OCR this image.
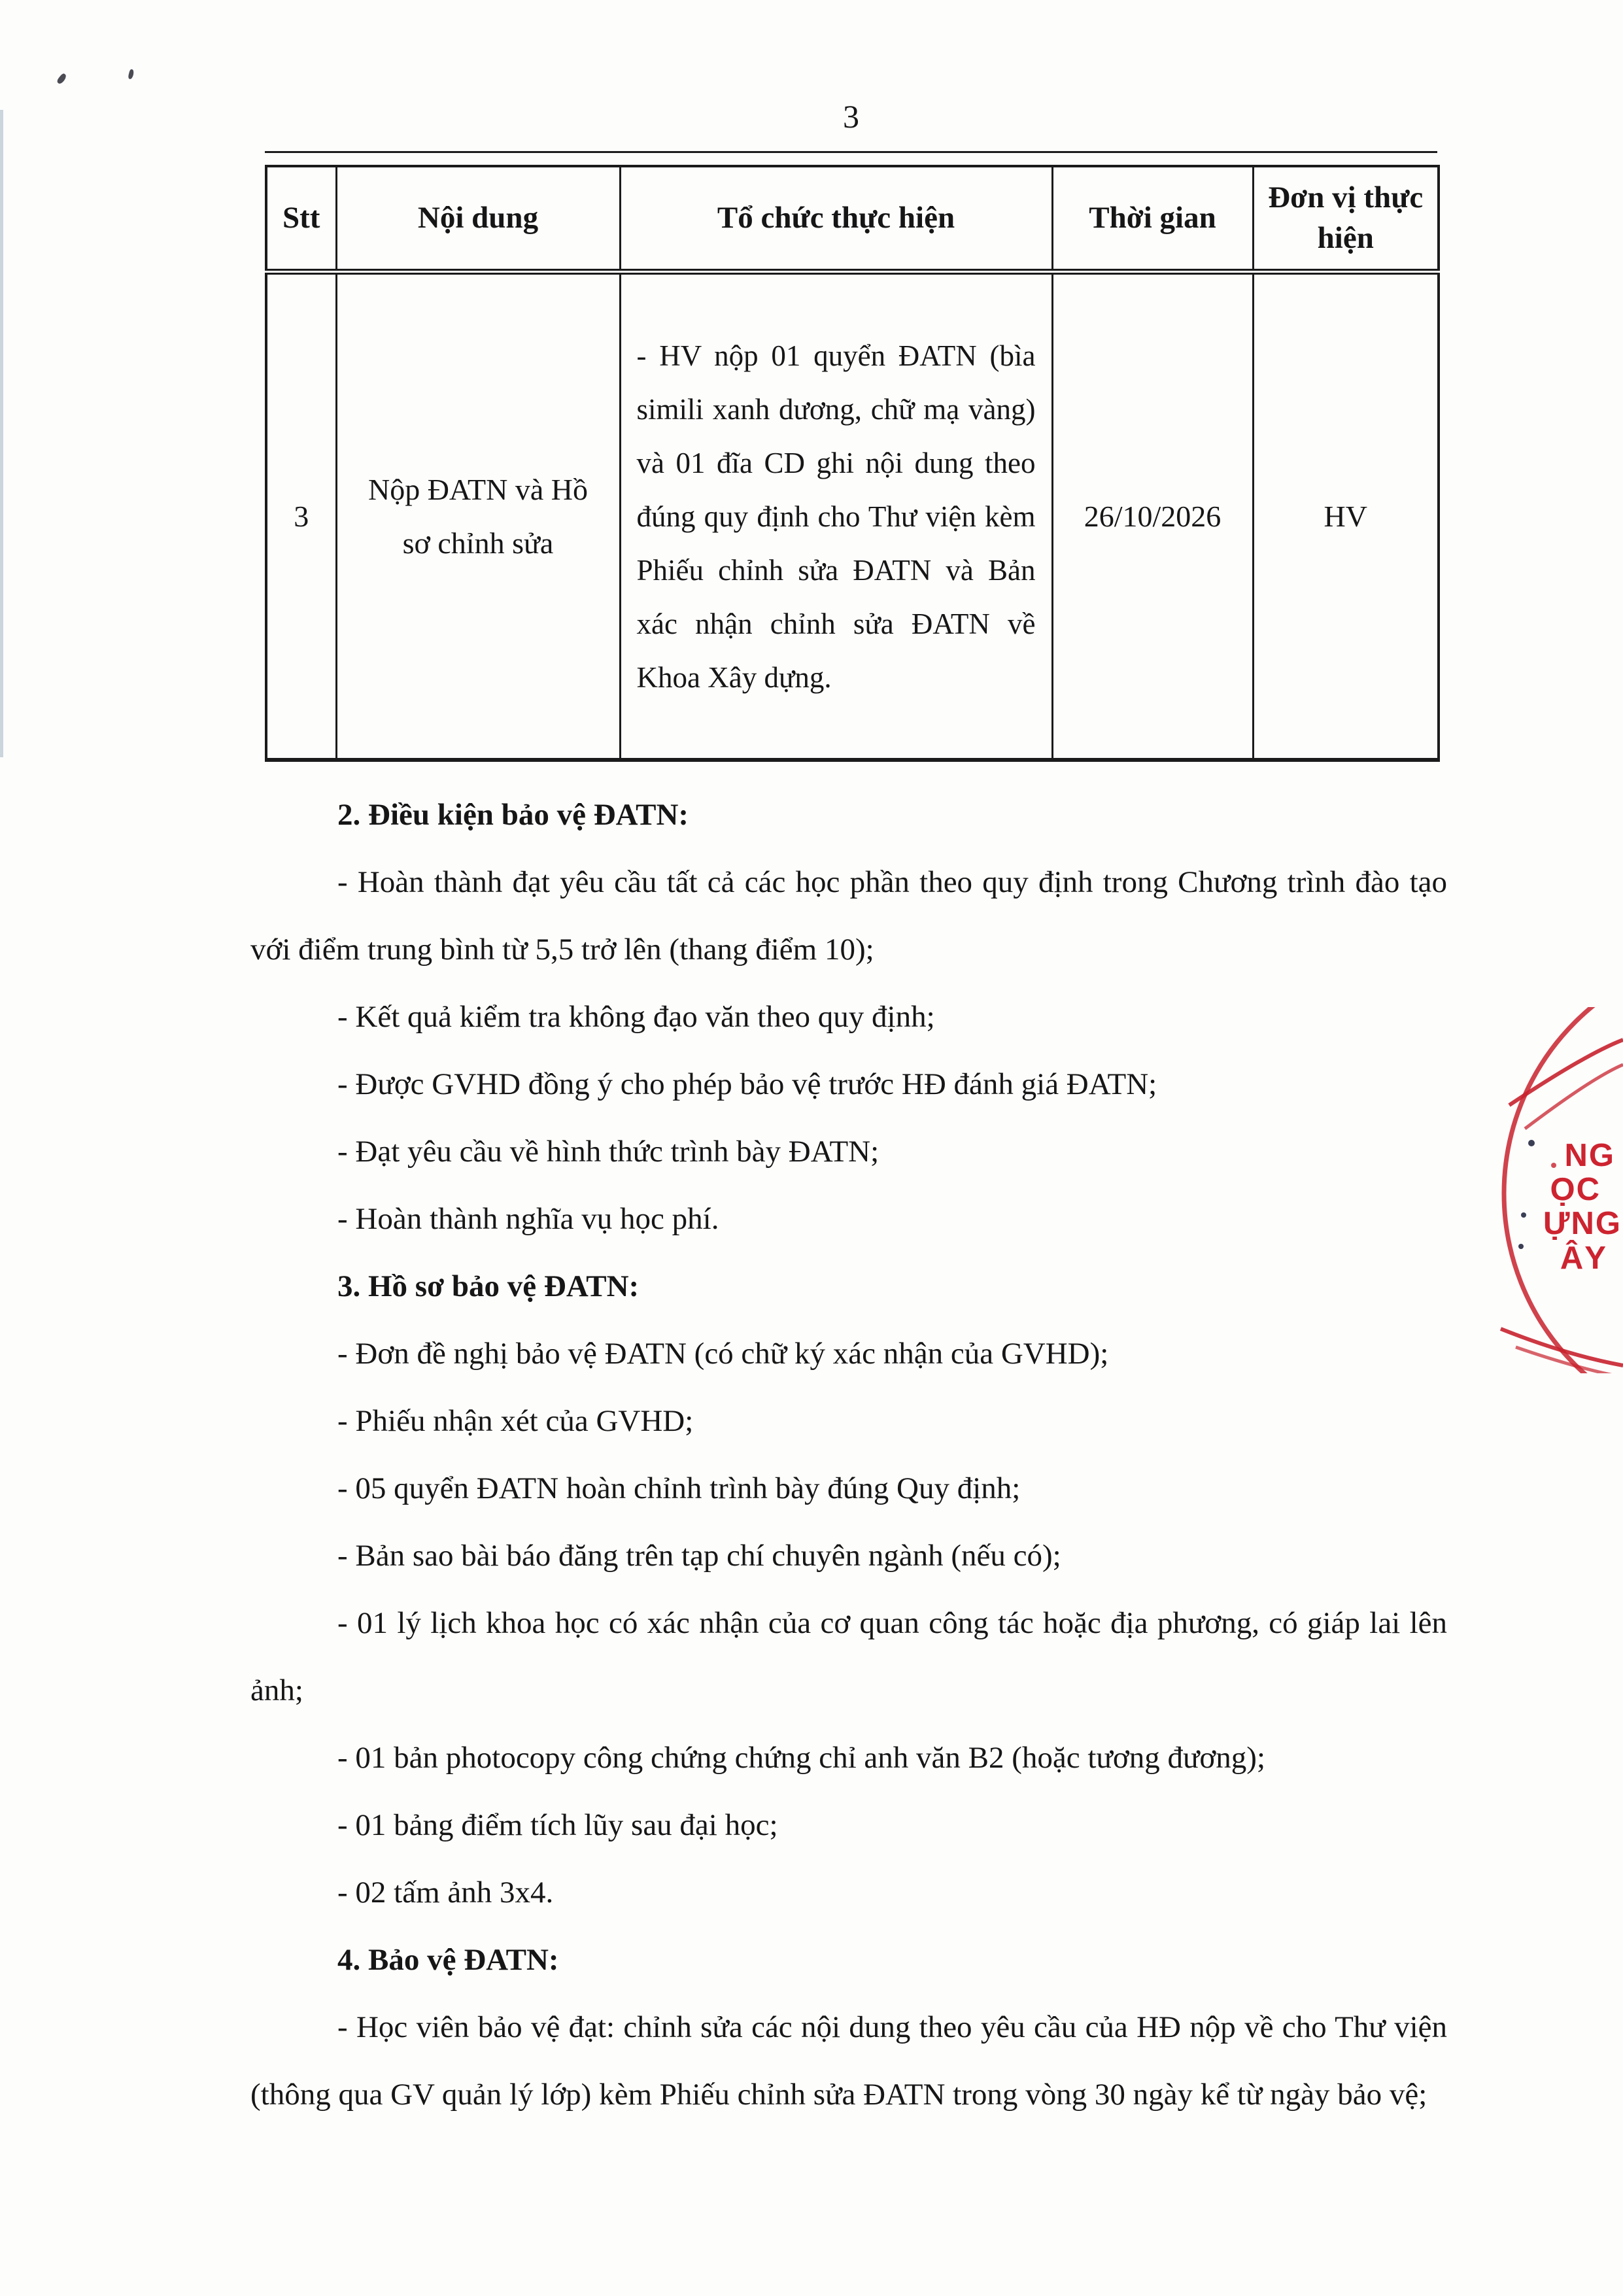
3
Stt	Nội dung	Tổ chức thực hiện	Thời gian	Đơn vị thực hiện
3	Nộp ĐATN và Hồ sơ chỉnh sửa	- HV nộp 01 quyển ĐATN (bìa simili xanh dương, chữ mạ vàng) và 01 đĩa CD ghi nội dung theo đúng quy định cho Thư viện kèm Phiếu chỉnh sửa ĐATN và Bản xác nhận chỉnh sửa ĐATN về Khoa Xây dựng.	26/10/2026	HV

2. Điều kiện bảo vệ ĐATN:

- Hoàn thành đạt yêu cầu tất cả các học phần theo quy định trong Chương trình đào tạo với điểm trung bình từ 5,5 trở lên (thang điểm 10);

- Kết quả kiểm tra không đạo văn theo quy định;

- Được GVHD đồng ý cho phép bảo vệ trước HĐ đánh giá ĐATN;

- Đạt yêu cầu về hình thức trình bày ĐATN;

- Hoàn thành nghĩa vụ học phí.

3. Hồ sơ bảo vệ ĐATN:

- Đơn đề nghị bảo vệ ĐATN (có chữ ký xác nhận của GVHD);

- Phiếu nhận xét của GVHD;

- 05 quyển ĐATN hoàn chỉnh trình bày đúng Quy định;

- Bản sao bài báo đăng trên tạp chí chuyên ngành (nếu có);

- 01 lý lịch khoa học có xác nhận của cơ quan công tác hoặc địa phương, có giáp lai lên ảnh;

- 01 bản photocopy công chứng chứng chỉ anh văn B2 (hoặc tương đương);

- 01 bảng điểm tích lũy sau đại học;

- 02 tấm ảnh 3x4.

4. Bảo vệ ĐATN:

- Học viên bảo vệ đạt: chỉnh sửa các nội dung theo yêu cầu của HĐ nộp về cho Thư viện (thông qua GV quản lý lớp) kèm Phiếu chỉnh sửa ĐATN trong vòng 30 ngày kể từ ngày bảo vệ;

NG
ỌC
ỰNG
ÂY
